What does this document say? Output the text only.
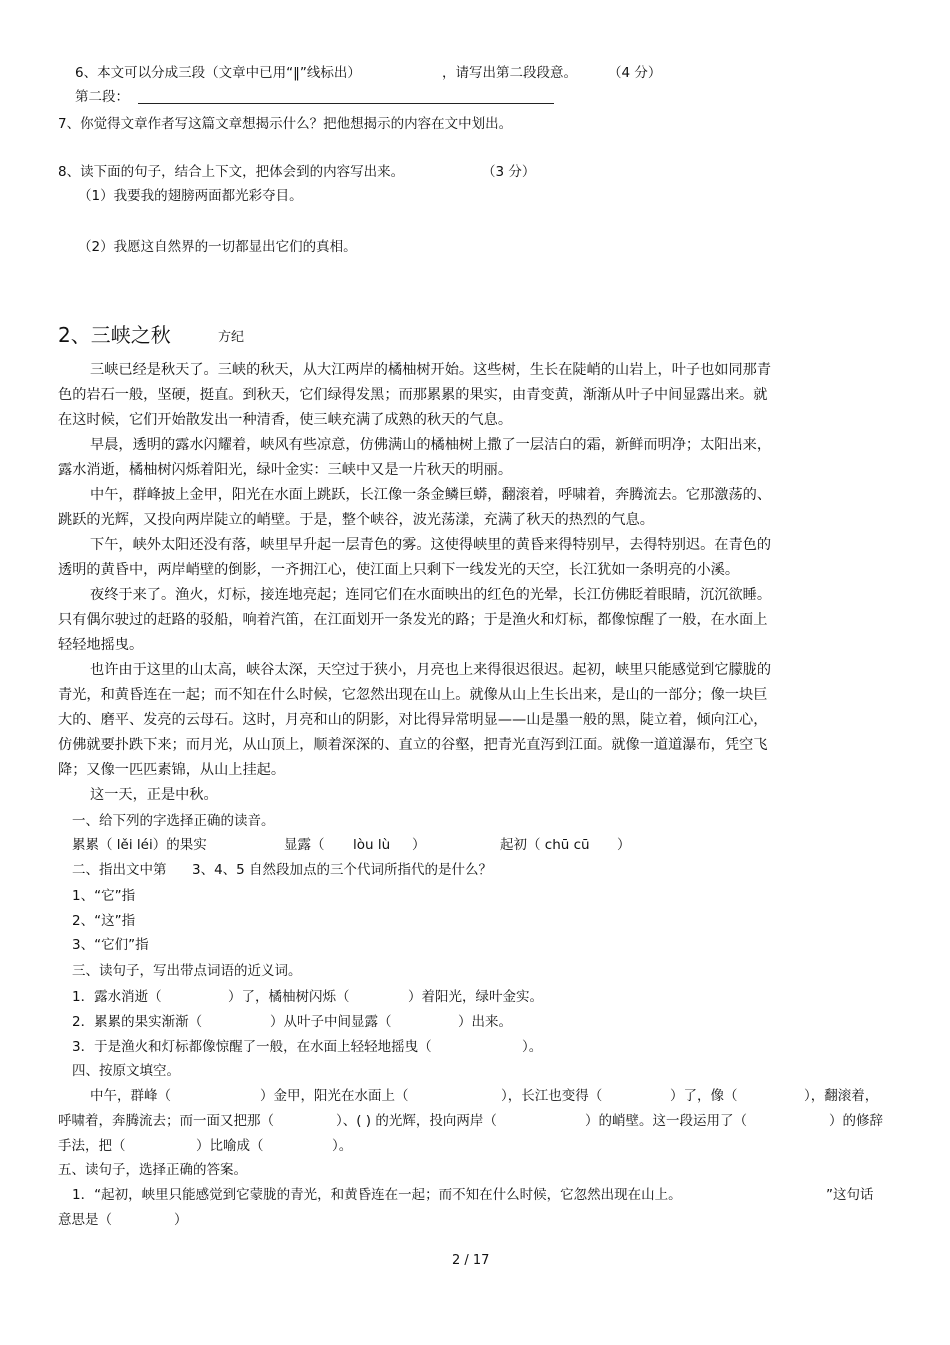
6、本文可以分成三段（文章中已用“‖”线标出）	，请写出第二段段意。 （4 分）
第二段：
7、你觉得文章作者写这篇文章想揭示什么？把他想揭示的内容在文中划出。
8、读下面的句子，结合上下文，把体会到的内容写出来。	（3 分）
（1）我要我的翅膀两面都光彩夺目。
（2）我愿这自然界的一切都显出它们的真相。
2、三峡之秋	方纪
三峡已经是秋天了。三峡的秋天，从大江两岸的橘柚树开始。这些树，生长在陡峭的山岩上，叶子也如同那青
色的岩石一般，坚硬，挺直。到秋天，它们绿得发黑；而那累累的果实，由青变黄，渐渐从叶子中间显露出来。就
在这时候，它们开始散发出一种清香，使三峡充满了成熟的秋天的气息。
早晨，透明的露水闪耀着，峡风有些凉意，仿佛满山的橘柚树上撒了一层洁白的霜，新鲜而明净；太阳出来，
露水消逝，橘柚树闪烁着阳光，绿叶金实：三峡中又是一片秋天的明丽。
中午，群峰披上金甲，阳光在水面上跳跃，长江像一条金鳞巨蟒，翻滚着，呼啸着，奔腾流去。它那激荡的、
跳跃的光辉，又投向两岸陡立的峭壁。于是，整个峡谷，波光荡漾，充满了秋天的热烈的气息。
下午，峡外太阳还没有落，峡里早升起一层青色的雾。这使得峡里的黄昏来得特别早，去得特别迟。在青色的
透明的黄昏中，两岸峭壁的倒影，一齐拥江心，使江面上只剩下一线发光的天空，长江犹如一条明亮的小溪。
夜终于来了。渔火，灯标，接连地亮起；连同它们在水面映出的红色的光晕，长江仿佛眨着眼睛，沉沉欲睡。
只有偶尔驶过的赶路的驳船，响着汽笛，在江面划开一条发光的路；于是渔火和灯标，都像惊醒了一般，在水面上
轻轻地摇曳。
也许由于这里的山太高，峡谷太深，天空过于狭小，月亮也上来得很迟很迟。起初，峡里只能感觉到它朦胧的
青光，和黄昏连在一起；而不知在什么时候，它忽然出现在山上。就像从山上生长出来，是山的一部分；像一块巨
大的、磨平、发亮的云母石。这时，月亮和山的阴影，对比得异常明显——山是墨一般的黑，陡立着，倾向江心，
仿佛就要扑跌下来；而月光，从山顶上，顺着深深的、直立的谷壑，把青光直泻到江面。就像一道道瀑布，凭空飞
降；又像一匹匹素锦，从山上挂起。
这一天，正是中秋。
一、给下列的字选择正确的读音。
累累（ lěi léi）的果实	显露（ lòu lù ）	起初（ chū cū ）
二、指出文中第 3、4、5 自然段加点的三个代词所指代的是什么？
1、“它”指
2、“这”指
3、“它们”指
三、读句子，写出带点词语的近义词。
1．露水消逝（	）了，橘柚树闪烁（	）着阳光，绿叶金实。
2．累累的果实渐渐（	）从叶子中间显露（	）出来。
3．于是渔火和灯标都像惊醒了一般，在水面上轻轻地摇曳（	）。
四、按原文填空。
中午，群峰（	）金甲，阳光在水面上（	），长江也变得（	）了，像（	），翻滚着，
呼啸着，奔腾流去；而一面又把那（	）、( ) 的光辉，投向两岸（	）的峭壁。这一段运用了（	）的修辞
手法，把（	）比喻成（	）。
五、读句子，选择正确的答案。
1．“起初，峡里只能感觉到它蒙胧的青光，和黄昏连在一起；而不知在什么时候，它忽然出现在山上。	”这句话
意思是（	）
2 / 17
